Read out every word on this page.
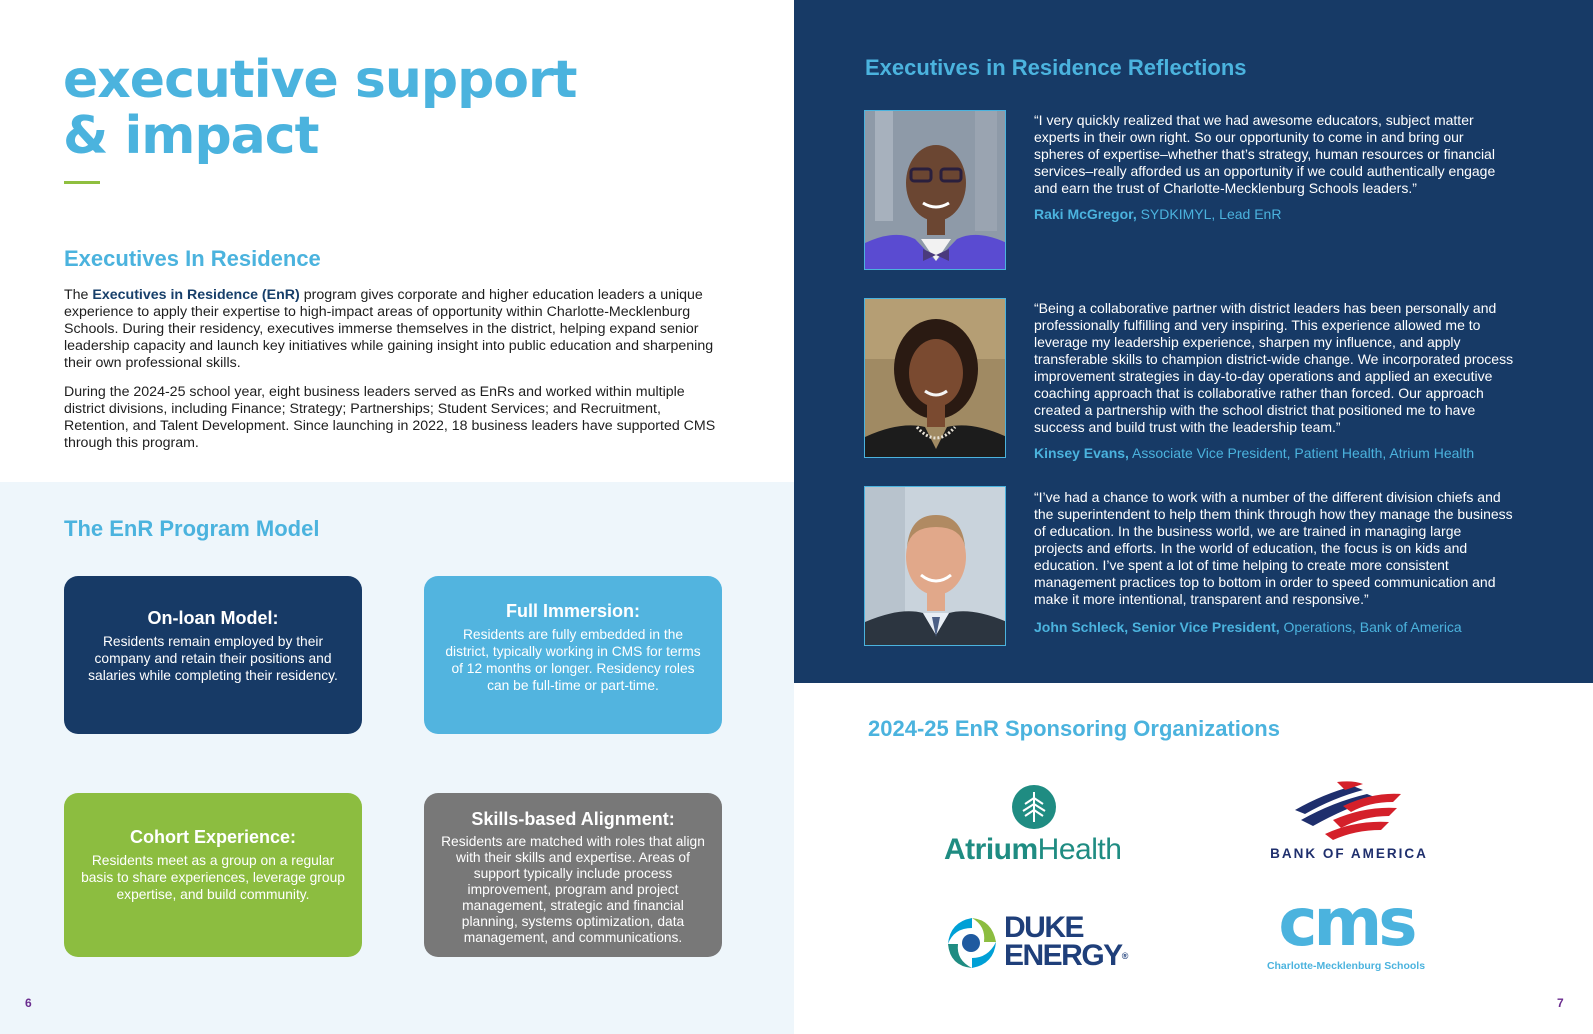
executive support
& impact
Executives In Residence

The Executives in Residence (EnR) program gives corporate and higher education leaders a unique experience to apply their expertise to high-impact areas of opportunity within Charlotte-Mecklenburg Schools. During their residency, executives immerse themselves in the district, helping expand senior leadership capacity and launch key initiatives while gaining insight into public education and sharpening their own professional skills.

During the 2024-25 school year, eight business leaders served as EnRs and worked within multiple district divisions, including Finance; Strategy; Partnerships; Student Services; and Recruitment, Retention, and Talent Development. Since launching in 2022, 18 business leaders have supported CMS through this program.

The EnR Program Model
On-loan Model:

Residents remain employed by their company and retain their positions and salaries while completing their residency.

Full Immersion:

Residents are fully embedded in the district, typically working in CMS for terms of 12 months or longer. Residency roles can be full-time or part-time.

Cohort Experience:

Residents meet as a group on a regular basis to share experiences, leverage group expertise, and build community.

Skills-based Alignment:

Residents are matched with roles that align with their skills and expertise. Areas of support typically include process improvement, program and project management, strategic and financial planning, systems optimization, data management, and communications.

6
Executives in Residence Reflections

“I very quickly realized that we had awesome educators, subject matter experts in their own right. So our opportunity to come in and bring our spheres of expertise–whether that’s strategy, human resources or financial services–really afforded us an opportunity if we could authentically engage and earn the trust of Charlotte-Mecklenburg Schools leaders.”

Raki McGregor, SYDKIMYL, Lead EnR

“Being a collaborative partner with district leaders has been personally and professionally fulfilling and very inspiring. This experience allowed me to leverage my leadership experience, sharpen my influence, and apply transferable skills to champion district-wide change. We incorporated process improvement strategies in day-to-day operations and applied an executive coaching approach that is collaborative rather than forced. Our approach created a partnership with the school district that positioned me to have success and build trust with the leadership team.”

Kinsey Evans, Associate Vice President, Patient Health, Atrium Health

“I’ve had a chance to work with a number of the different division chiefs and the superintendent to help them think through how they manage the business of education. In the business world, we are trained in managing large projects and efforts. In the world of education, the focus is on kids and education. I’ve spent a lot of time helping to create more consistent management practices top to bottom in order to speed communication and make it more intentional, transparent and responsive.”

John Schleck, Senior Vice President, Operations, Bank of America

2024-25 EnR Sponsoring Organizations
AtriumHealth	BANK OF AMERICA
DUKE
ENERGY® cms
Charlotte-Mecklenburg Schools
7
